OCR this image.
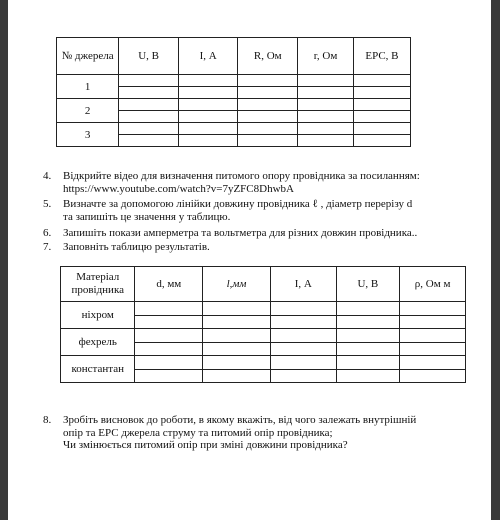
№ джерела	U, В	I, А	R, Ом	r, Ом	ЕРС, В
1	

2	

3	

4. Відкрийте відео для визначення питомого опору провідника за посиланням:
https://www.youtube.com/watch?v=7yZFC8DhwbA
5. Визначте за допомогою лінійки довжину провідника ℓ , діаметр перерізу d
та запишіть це значення у таблицю.
6. Запишіть покази амперметра та вольтметра для різних довжин провідника..
7. Заповніть таблицю результатів.
Матеріал провідника	d, мм	l,мм	I, А	U, В	ρ, Ом м
ніхром	

фехрель	

константан	

8. Зробіть висновок до роботи, в якому вкажіть, від чого залежать внутрішній
опір та ЕРС джерела струму та питомий опір провідника;
Чи змінюється питомий опір при зміні довжини провідника?
